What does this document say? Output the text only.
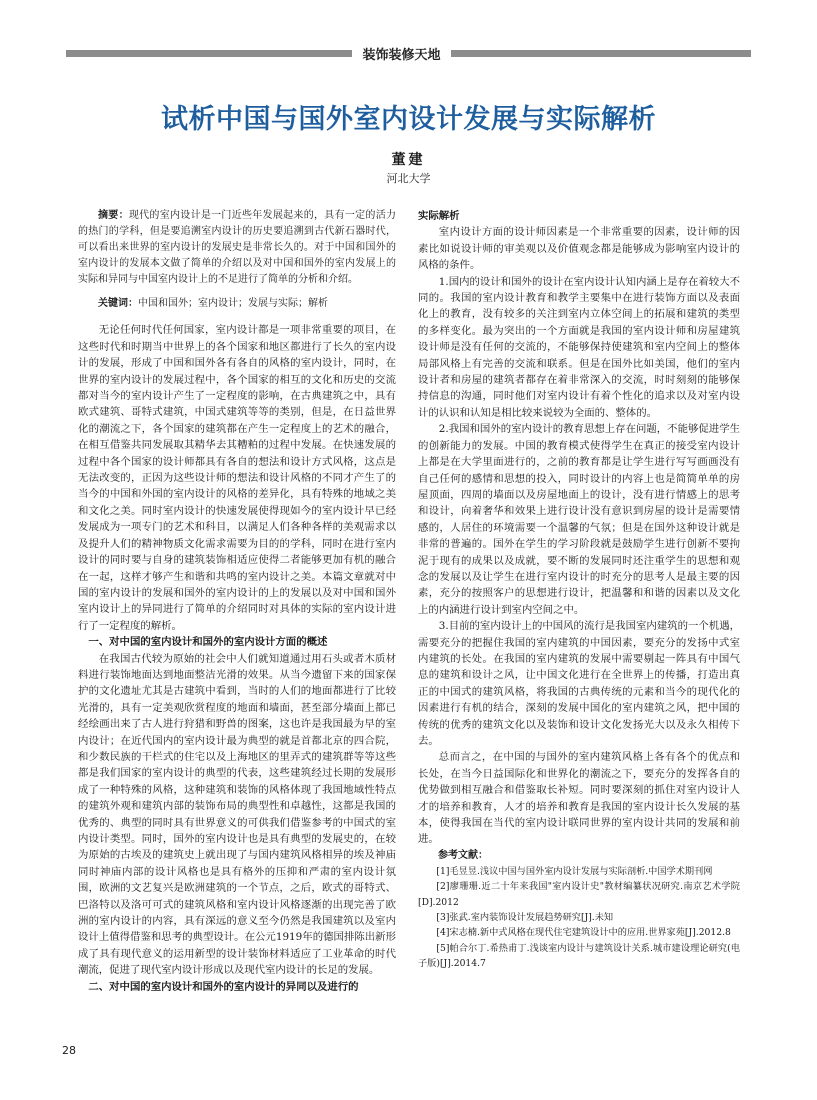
装饰装修天地
试析中国与国外室内设计发展与实际解析
董建
河北大学

摘要：现代的室内设计是一门近些年发展起来的，具有一定的活力的热门的学科，但是要追溯室内设计的历史要追溯到古代新石器时代，可以看出来世界的室内设计的发展史是非常长久的。对于中国和国外的室内设计的发展本文做了简单的介绍以及对中国和国外的室内发展上的实际和异同与中国室内设计上的不足进行了简单的分析和介绍。

关键词：中国和国外；室内设计；发展与实际；解析

无论任何时代任何国家，室内设计都是一项非常重要的项目，在这些时代和时期当中世界上的各个国家和地区都进行了长久的室内设计的发展，形成了中国和国外各有各自的风格的室内设计，同时，在世界的室内设计的发展过程中，各个国家的相互的文化和历史的交流都对当今的室内设计产生了一定程度的影响，在古典建筑之中，具有欧式建筑、哥特式建筑，中国式建筑等等的类别，但是，在日益世界化的潮流之下，各个国家的建筑都在产生一定程度上的艺术的融合，在相互借鉴共同发展取其精华去其糟粕的过程中发展。在快速发展的过程中各个国家的设计师都具有各自的想法和设计方式风格，这点是无法改变的，正因为这些设计师的想法和设计风格的不同才产生了的当今的中国和外国的室内设计的风格的差异化，具有特殊的地域之美和文化之美。同时室内设计的快速发展使得现如今的室内设计早已经发展成为一项专门的艺术和科目，以满足人们各种各样的美观需求以及提升人们的精神物质文化需求需要为目的的学科，同时在进行室内设计的同时要与自身的建筑装饰相适应使得二者能够更加有机的融合在一起，这样才够产生和谐和共鸣的室内设计之美。本篇文章就对中国的室内设计的发展和国外的室内设计的上的发展以及对中国和国外室内设计上的异同进行了简单的介绍同时对具体的实际的室内设计进行了一定程度的解析。

一、对中国的室内设计和国外的室内设计方面的概述

在我国古代较为原始的社会中人们就知道通过用石头或者木质材料进行装饰地面达到地面整洁光滑的效果。从当今遗留下来的国家保护的文化遗址尤其是古建筑中看到，当时的人们的地面都进行了比较光滑的，具有一定美观欣赏程度的地面和墙面，甚至部分墙面上都已经绘画出来了古人进行狩猎和野兽的图案，这也许是我国最为早的室内设计；在近代国内的室内设计最为典型的就是首都北京的四合院，和少数民族的干栏式的住宅以及上海地区的里弄式的建筑群等等这些都是我们国家的室内设计的典型的代表，这些建筑经过长期的发展形成了一种特殊的风格，这种建筑和装饰的风格体现了我国地域性特点的建筑外观和建筑内部的装饰布局的典型性和卓越性，这都是我国的优秀的、典型的同时具有世界意义的可供我们借鉴参考的中国式的室内设计类型。同时，国外的室内设计也是具有典型的发展史的，在较为原始的古埃及的建筑史上就出现了与国内建筑风格相异的埃及神庙同时神庙内部的设计风格也是具有格外的压抑和严肃的室内设计氛围，欧洲的文艺复兴是欧洲建筑的一个节点，之后，欧式的哥特式、巴洛特以及洛可可式的建筑风格和室内设计风格逐渐的出现完善了欧洲的室内设计的内容，具有深远的意义至今仍然是我国建筑以及室内设计上值得借鉴和思考的典型设计。在公元1919年的德国排陈出新形成了具有现代意义的运用新型的设计装饰材料适应了工业革命的时代潮流，促进了现代室内设计形成以及现代室内设计的长足的发展。

二、对中国的室内设计和国外的室内设计的异同以及进行的
实际解析

室内设计方面的设计师因素是一个非常重要的因素，设计师的因素比如说设计师的审美观以及价值观念都是能够成为影响室内设计的风格的条件。

1.国内的设计和国外的设计在室内设计认知内涵上是存在着较大不同的。我国的室内设计教育和教学主要集中在进行装饰方面以及表面化上的教育，没有较多的关注到室内立体空间上的拓展和建筑的类型的多样变化。最为突出的一个方面就是我国的室内设计师和房屋建筑设计师是没有任何的交流的，不能够保持使建筑和室内空间上的整体局部风格上有完善的交流和联系。但是在国外比如美国，他们的室内设计者和房屋的建筑者都存在着非常深入的交流，时时刻刻的能够保持信息的沟通，同时他们对室内设计有着个性化的追求以及对室内设计的认识和认知是相比较来说较为全面的、整体的。

2.我国和国外的室内设计的教育思想上存在问题，不能够促进学生的创新能力的发展。中国的教育模式使得学生在真正的接受室内设计上都是在大学里面进行的，之前的教育都是让学生进行写写画画没有自己任何的感情和思想的投入，同时设计的内容上也是简简单单的房屋顶面，四周的墙面以及房屋地面上的设计，没有进行情感上的思考和设计，向着奢华和效果上进行设计没有意识到房屋的设计是需要情感的，人居住的环境需要一个温馨的气氛；但是在国外这种设计就是非常的普遍的。国外在学生的学习阶段就是鼓励学生进行创新不要拘泥于现有的成果以及成就，要不断的发展同时还注重学生的思想和观念的发展以及让学生在进行室内设计的时充分的思考人是最主要的因素，充分的按照客户的思想进行设计，把温馨和和谐的因素以及文化上的内涵进行设计到室内空间之中。

3.目前的室内设计上的中国风的流行是我国室内建筑的一个机遇，需要充分的把握住我国的室内建筑的中国因素，要充分的发扬中式室内建筑的长处。在我国的室内建筑的发展中需要剔起一阵具有中国气息的建筑和设计之风，让中国文化进行在全世界上的传播，打造出真正的中国式的建筑风格，将我国的古典传统的元素和当今的现代化的因素进行有机的结合，深刻的发展中国化的室内建筑之风，把中国的传统的优秀的建筑文化以及装饰和设计文化发扬光大以及永久相传下去。

总而言之，在中国的与国外的室内建筑风格上各有各个的优点和长处，在当今日益国际化和世界化的潮流之下，要充分的发挥各自的优势做到相互融合和借鉴取长补短。同时要深刻的抓住对室内设计人才的培养和教育，人才的培养和教育是我国的室内设计长久发展的基本，使得我国在当代的室内设计联同世界的室内设计共同的发展和前进。

参考文献：

[1]毛昱昱.浅议中国与国外室内设计发展与实际剖析.中国学术期刊网

[2]廖珊珊.近二十年来我国"室内设计史"教材编纂状况研究.南京艺术学院[D].2012

[3]张武.室内装饰设计发展趋势研究[J].未知

[4]宋志楠.新中式风格在现代住宅建筑设计中的应用.世界家苑[J].2012.8

[5]帕合尔丁.希热甫丁.浅谈室内设计与建筑设计关系.城市建设理论研究(电子版)[J].2014.7

28
